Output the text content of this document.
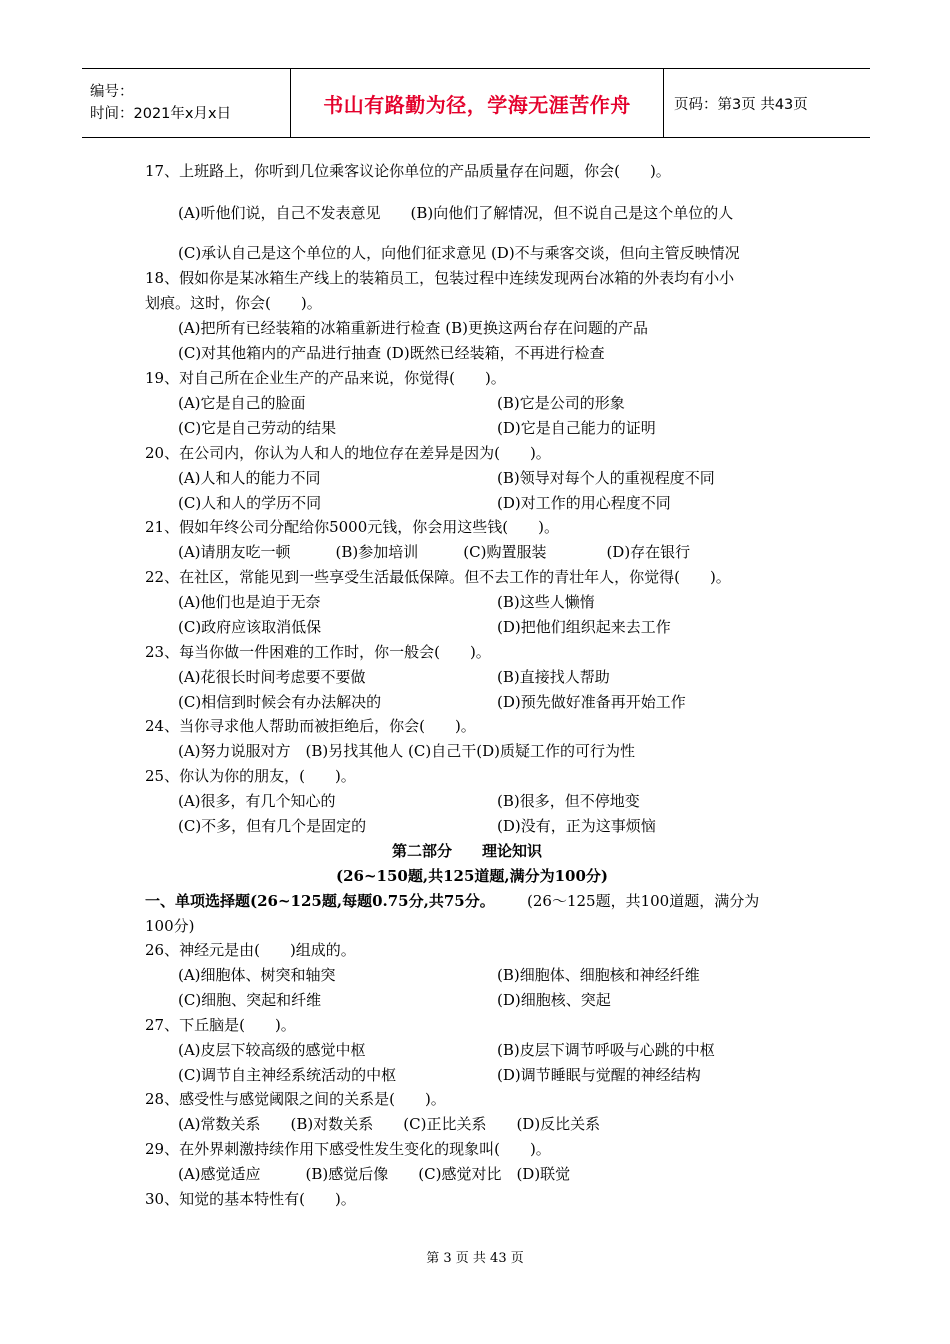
编号：
时间：2021年x月x日	书山有路勤为径，学海无涯苦作舟	页码：第3页 共43页
17、上班路上，你听到几位乘客议论你单位的产品质量存在问题，你会(　　)。
(A)听他们说，自己不发表意见　　(B)向他们了解情况，但不说自己是这个单位的人
(C)承认自己是这个单位的人，向他们征求意见 (D)不与乘客交谈，但向主管反映情况
18、假如你是某冰箱生产线上的装箱员工，包装过程中连续发现两台冰箱的外表均有小小
划痕。这时，你会(　　)。
(A)把所有已经装箱的冰箱重新进行检查 (B)更换这两台存在问题的产品
(C)对其他箱内的产品进行抽查 (D)既然已经装箱，不再进行检查
19、对自己所在企业生产的产品来说，你觉得(　　)。
(A)它是自己的脸面	(B)它是公司的形象
(C)它是自己劳动的结果	(D)它是自己能力的证明
20、在公司内，你认为人和人的地位存在差异是因为(　　)。
(A)人和人的能力不同	(B)领导对每个人的重视程度不同
(C)人和人的学历不同	(D)对工作的用心程度不同
21、假如年终公司分配给你5000元钱，你会用这些钱(　　)。
(A)请朋友吃一顿　　　(B)参加培训　　　(C)购置服装　　　　(D)存在银行
22、在社区，常能见到一些享受生活最低保障。但不去工作的青壮年人，你觉得(　　)。
(A)他们也是迫于无奈	(B)这些人懒惰
(C)政府应该取消低保	(D)把他们组织起来去工作
23、每当你做一件困难的工作时，你一般会(　　)。
(A)花很长时间考虑要不要做	(B)直接找人帮助
(C)相信到时候会有办法解决的	(D)预先做好准备再开始工作
24、当你寻求他人帮助而被拒绝后，你会(　　)。
(A)努力说服对方　(B)另找其他人 (C)自己干(D)质疑工作的可行为性
25、你认为你的朋友，(　　)。
(A)很多，有几个知心的	(B)很多，但不停地变
(C)不多，但有几个是固定的	(D)没有，正为这事烦恼
第二部分　　理论知识
(26~150题,共125道题,满分为100分)
一、单项选择题(26~125题,每题0.75分,共75分。 (26～125题，共100道题，满分为
100分)
26、神经元是由(　　)组成的。
(A)细胞体、树突和轴突	(B)细胞体、细胞核和神经纤维
(C)细胞、突起和纤维	(D)细胞核、突起
27、下丘脑是(　　)。
(A)皮层下较高级的感觉中枢	(B)皮层下调节呼吸与心跳的中枢
(C)调节自主神经系统活动的中枢	(D)调节睡眠与觉醒的神经结构
28、感受性与感觉阈限之间的关系是(　　)。
(A)常数关系　　(B)对数关系　　(C)正比关系　　(D)反比关系
29、在外界刺激持续作用下感受性发生变化的现象叫(　　)。
(A)感觉适应　　　(B)感觉后像　　(C)感觉对比　(D)联觉
30、知觉的基本特性有(　　)。
第 3 页 共 43 页
